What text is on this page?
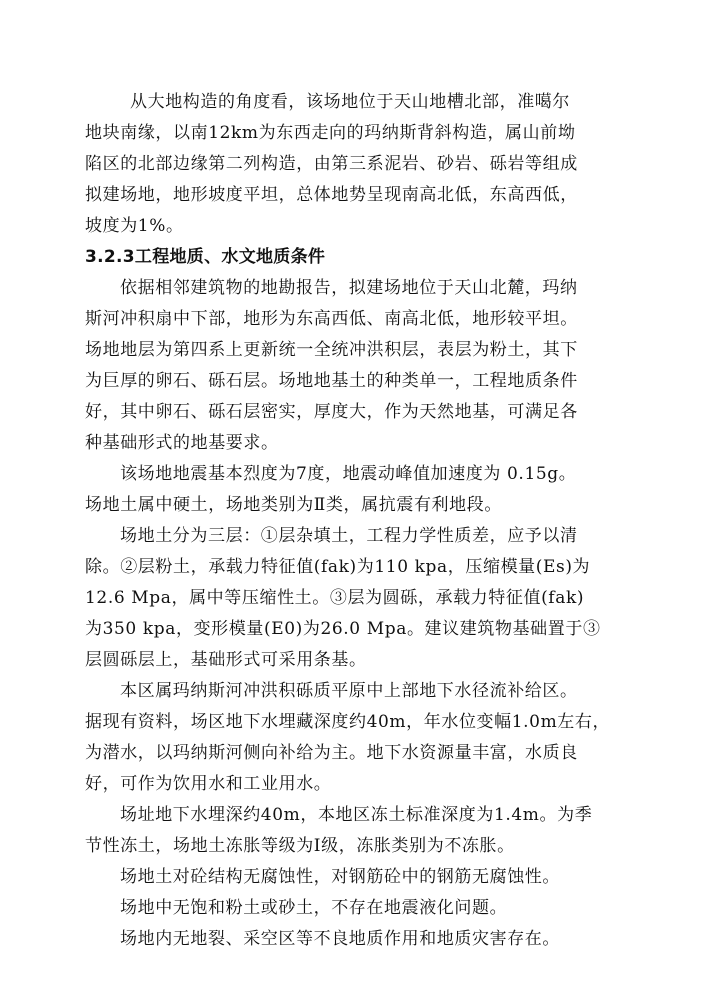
从大地构造的角度看，该场地位于天山地槽北部，准噶尔
地块南缘，以南12km为东西走向的玛纳斯背斜构造，属山前坳
陷区的北部边缘第二列构造，由第三系泥岩、砂岩、砾岩等组成
拟建场地，地形坡度平坦，总体地势呈现南高北低，东高西低，
坡度为1%。
3.2.3工程地质、水文地质条件
依据相邻建筑物的地勘报告，拟建场地位于天山北麓，玛纳
斯河冲积扇中下部，地形为东高西低、南高北低，地形较平坦。
场地地层为第四系上更新统一全统冲洪积层，表层为粉土，其下
为巨厚的卵石、砾石层。场地地基土的种类单一，工程地质条件
好，其中卵石、砾石层密实，厚度大，作为天然地基，可满足各
种基础形式的地基要求。
该场地地震基本烈度为7度，地震动峰值加速度为 0.15g。
场地土属中硬土，场地类别为Ⅱ类，属抗震有利地段。
场地土分为三层：①层杂填土，工程力学性质差，应予以清
除。②层粉土，承载力特征值(fak)为110 kpa，压缩模量(Es)为
12.6 Mpa，属中等压缩性土。③层为圆砾，承载力特征值(fak)
为350 kpa，变形模量(E0)为26.0 Mpa。建议建筑物基础置于③
层圆砾层上，基础形式可采用条基。
本区属玛纳斯河冲洪积砾质平原中上部地下水径流补给区。
据现有资料，场区地下水埋藏深度约40m，年水位变幅1.0m左右，
为潜水，以玛纳斯河侧向补给为主。地下水资源量丰富，水质良
好，可作为饮用水和工业用水。
场址地下水埋深约40m，本地区冻土标准深度为1.4m。为季
节性冻土，场地土冻胀等级为Ⅰ级，冻胀类别为不冻胀。
场地土对砼结构无腐蚀性，对钢筋砼中的钢筋无腐蚀性。
场地中无饱和粉土或砂土，不存在地震液化问题。
场地内无地裂、采空区等不良地质作用和地质灾害存在。
